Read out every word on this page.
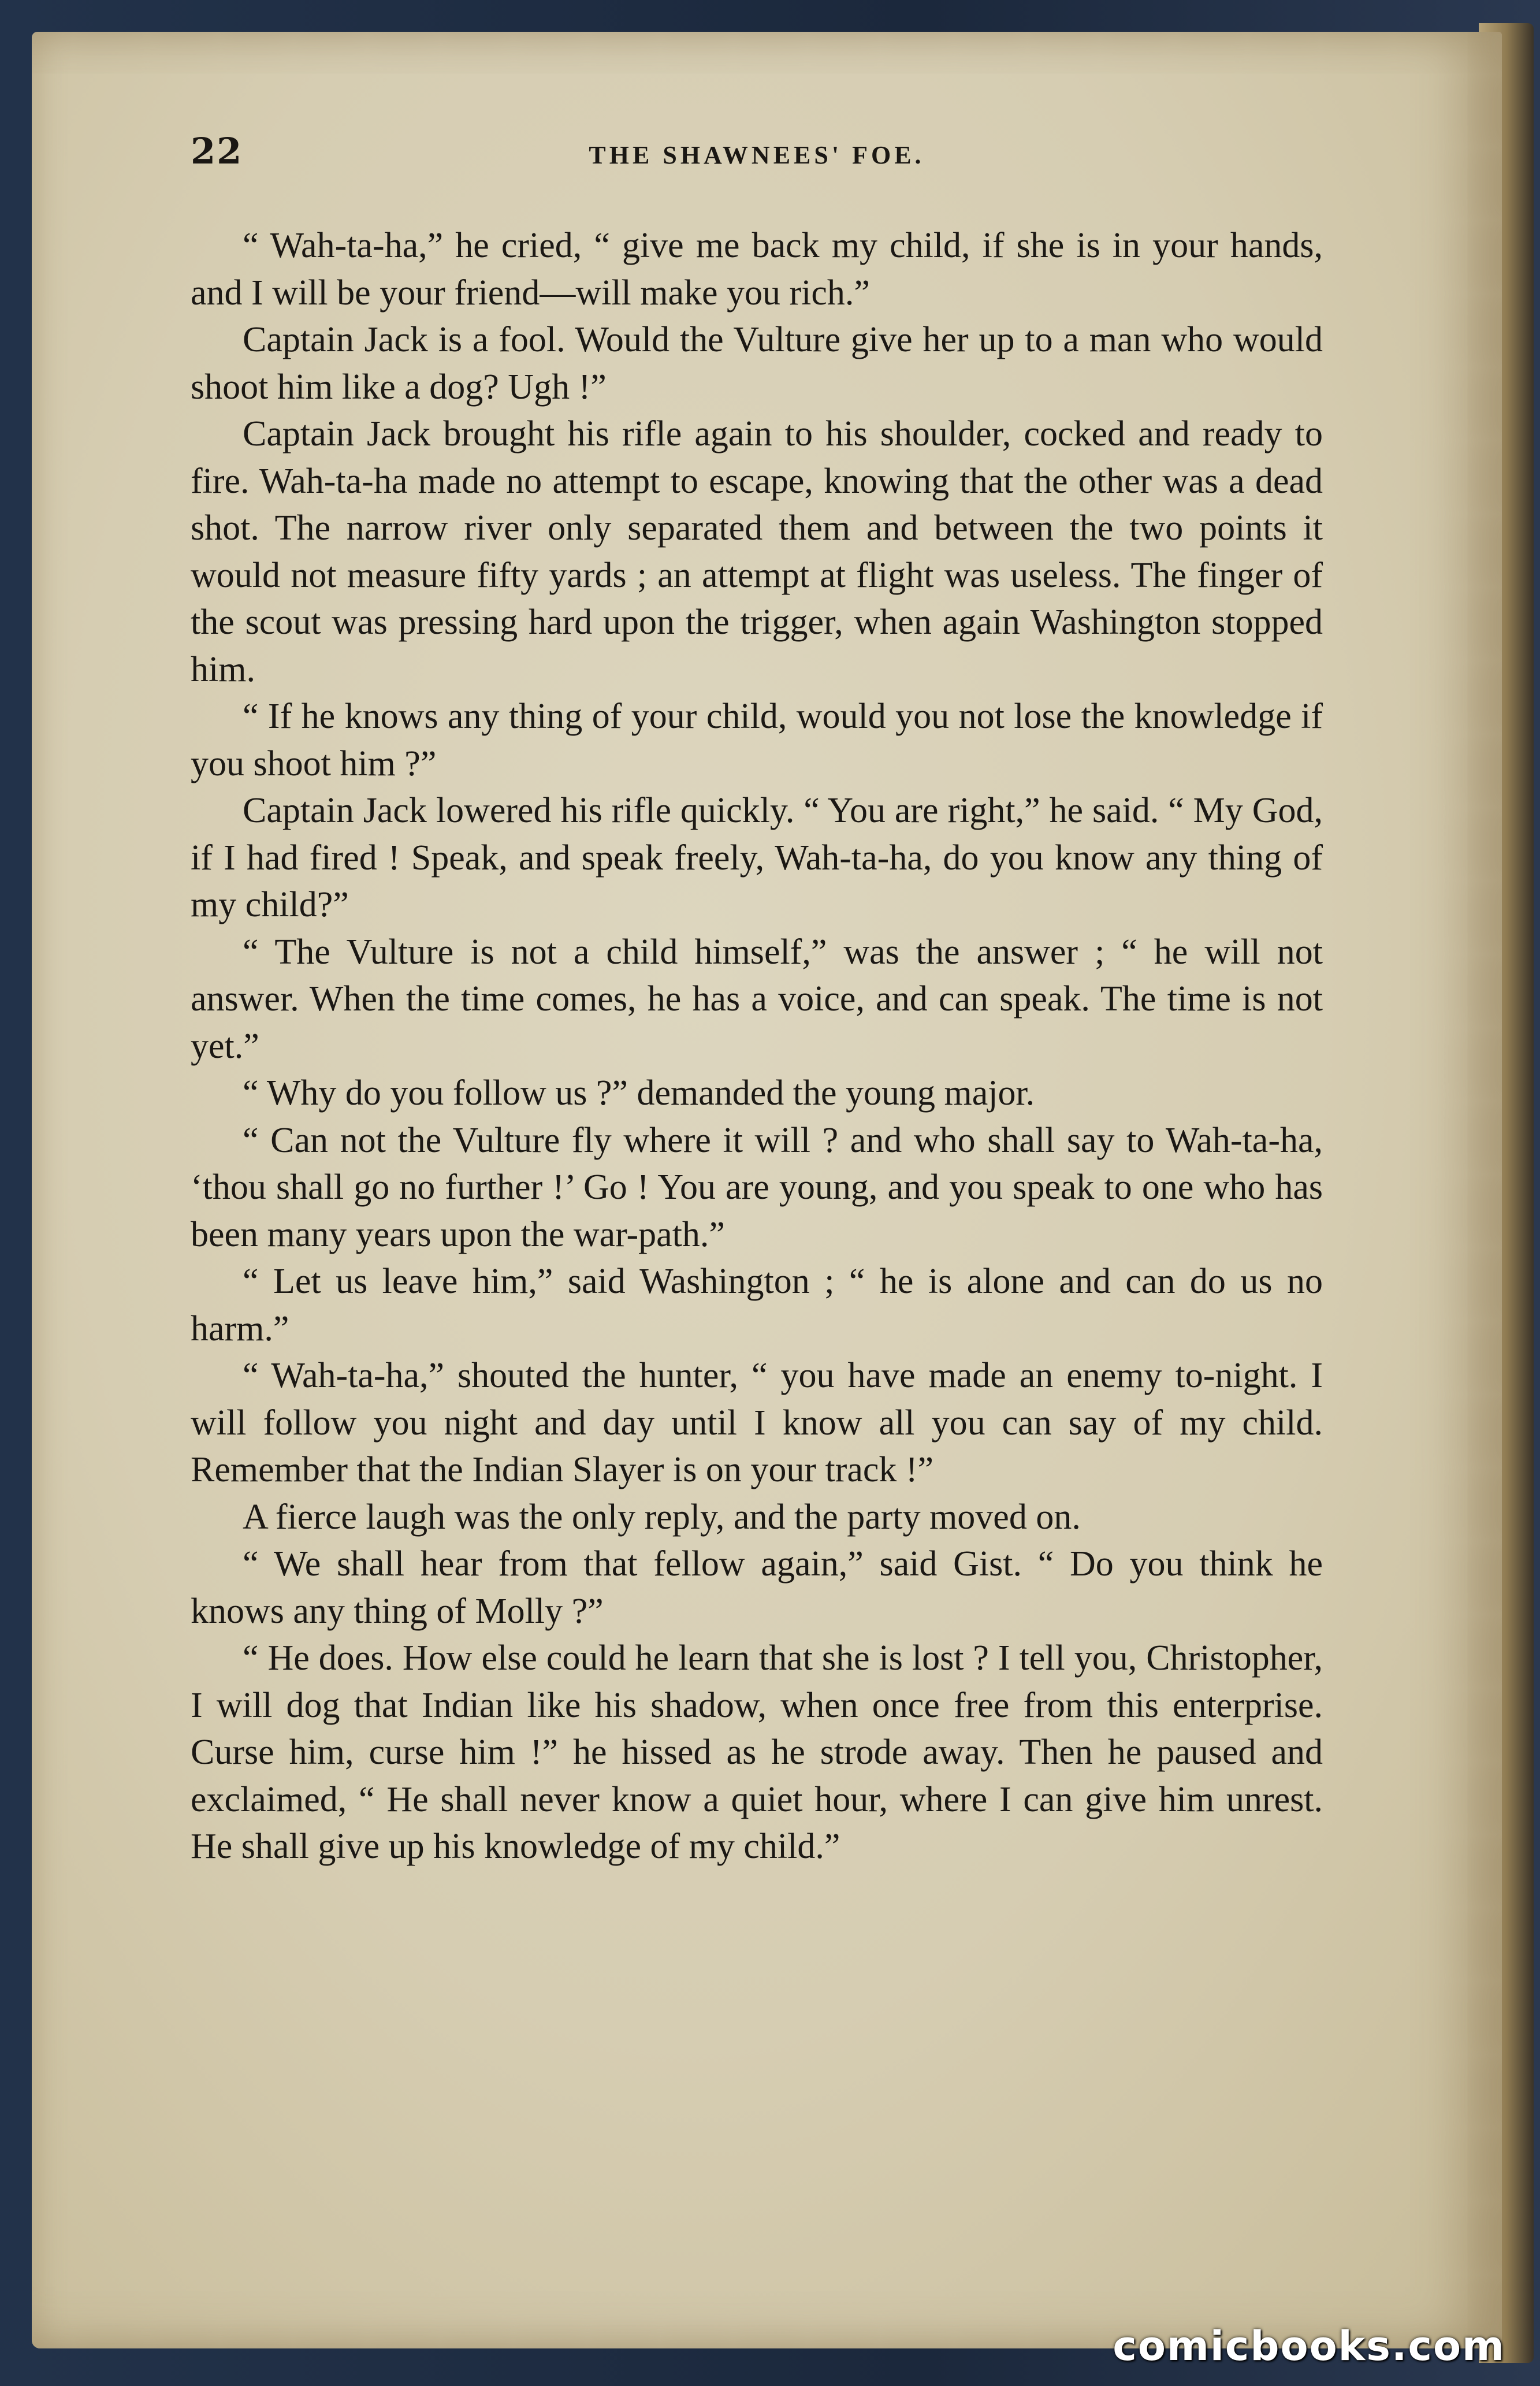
22	THE SHAWNEES' FOE.

“ Wah-ta-ha,” he cried, “ give me back my child, if she is in your hands, and I will be your friend—will make you rich.”

Captain Jack is a fool. Would the Vulture give her up to a man who would shoot him like a dog? Ugh !”

Captain Jack brought his rifle again to his shoulder, cocked and ready to fire. Wah-ta-ha made no attempt to escape, knowing that the other was a dead shot. The narrow river only separated them and between the two points it would not measure fifty yards ; an attempt at flight was useless. The finger of the scout was pressing hard upon the trigger, when again Washington stopped him.

“ If he knows any thing of your child, would you not lose the knowledge if you shoot him ?”

Captain Jack lowered his rifle quickly. “ You are right,” he said. “ My God, if I had fired ! Speak, and speak freely, Wah-ta-ha, do you know any thing of my child?”

“ The Vulture is not a child himself,” was the answer ; “ he will not answer. When the time comes, he has a voice, and can speak. The time is not yet.”

“ Why do you follow us ?” demanded the young major.

“ Can not the Vulture fly where it will ? and who shall say to Wah-ta-ha, ‘thou shall go no further !’ Go ! You are young, and you speak to one who has been many years upon the war-path.”

“ Let us leave him,” said Washington ; “ he is alone and can do us no harm.”

“ Wah-ta-ha,” shouted the hunter, “ you have made an enemy to-night. I will follow you night and day until I know all you can say of my child. Remember that the Indian Slayer is on your track !”

A fierce laugh was the only reply, and the party moved on.

“ We shall hear from that fellow again,” said Gist. “ Do you think he knows any thing of Molly ?”

“ He does. How else could he learn that she is lost ? I tell you, Christopher, I will dog that Indian like his shadow, when once free from this enterprise. Curse him, curse him !” he hissed as he strode away. Then he paused and exclaimed, “ He shall never know a quiet hour, where I can give him unrest. He shall give up his knowledge of my child.”

comicbooks.com
